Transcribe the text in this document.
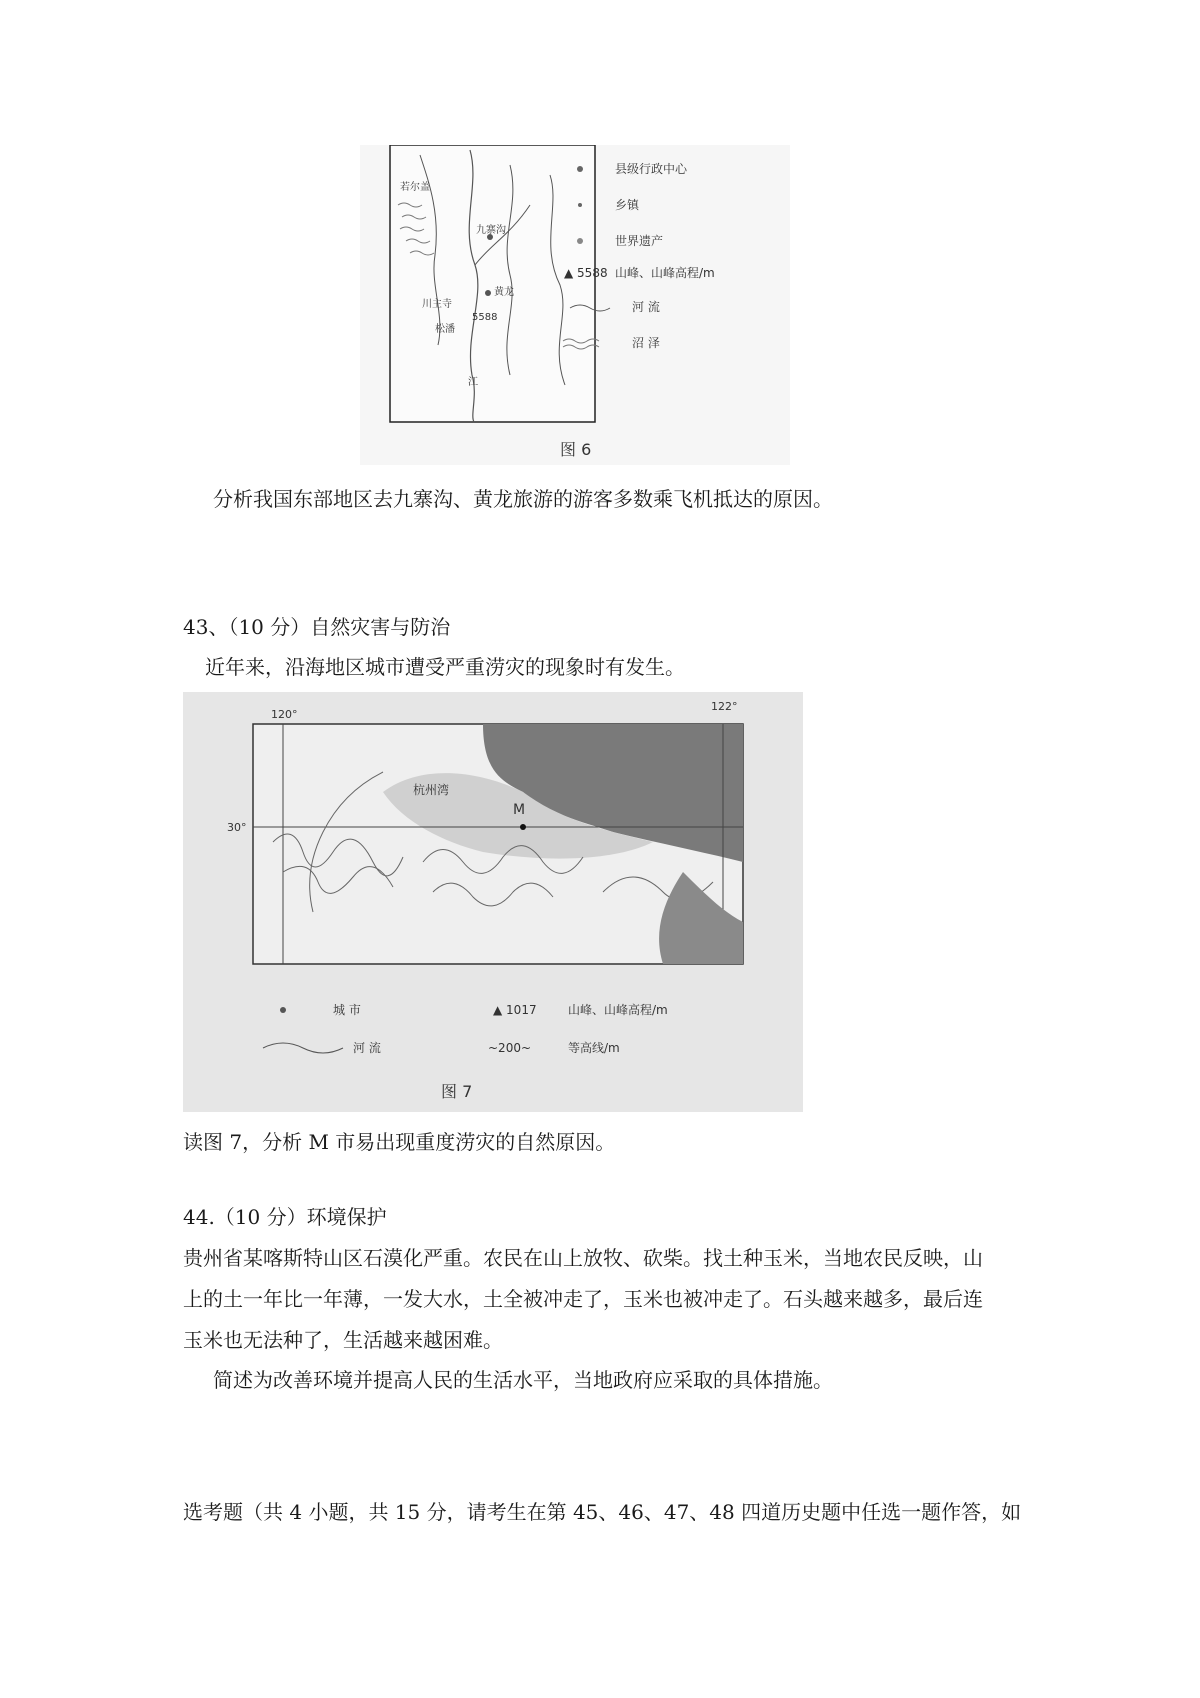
若尔盖
九寨沟
黄龙
川主寺
松潘
5588
江
县级行政中心
乡镇
世界遗产
▲ 5588 山峰、山峰高程/m
河 流
沼 泽
图 6
分析我国东部地区去九寨沟、黄龙旅游的游客多数乘飞机抵达的原因。
43、（10 分）自然灾害与防治
近年来，沿海地区城市遭受严重涝灾的现象时有发生。
杭州湾
120°
122°
30°
M
城 市	▲ 1017	山峰、山峰高程/m
河 流	~200~	等高线/m
图 7
读图 7，分析 M 市易出现重度涝灾的自然原因。
44.（10 分）环境保护
贵州省某喀斯特山区石漠化严重。农民在山上放牧、砍柴。找土种玉米，当地农民反映，山
上的土一年比一年薄，一发大水，土全被冲走了，玉米也被冲走了。石头越来越多，最后连
玉米也无法种了，生活越来越困难。
简述为改善环境并提高人民的生活水平，当地政府应采取的具体措施。
选考题（共 4 小题，共 15 分，请考生在第 45、46、47、48 四道历史题中任选一题作答，如
